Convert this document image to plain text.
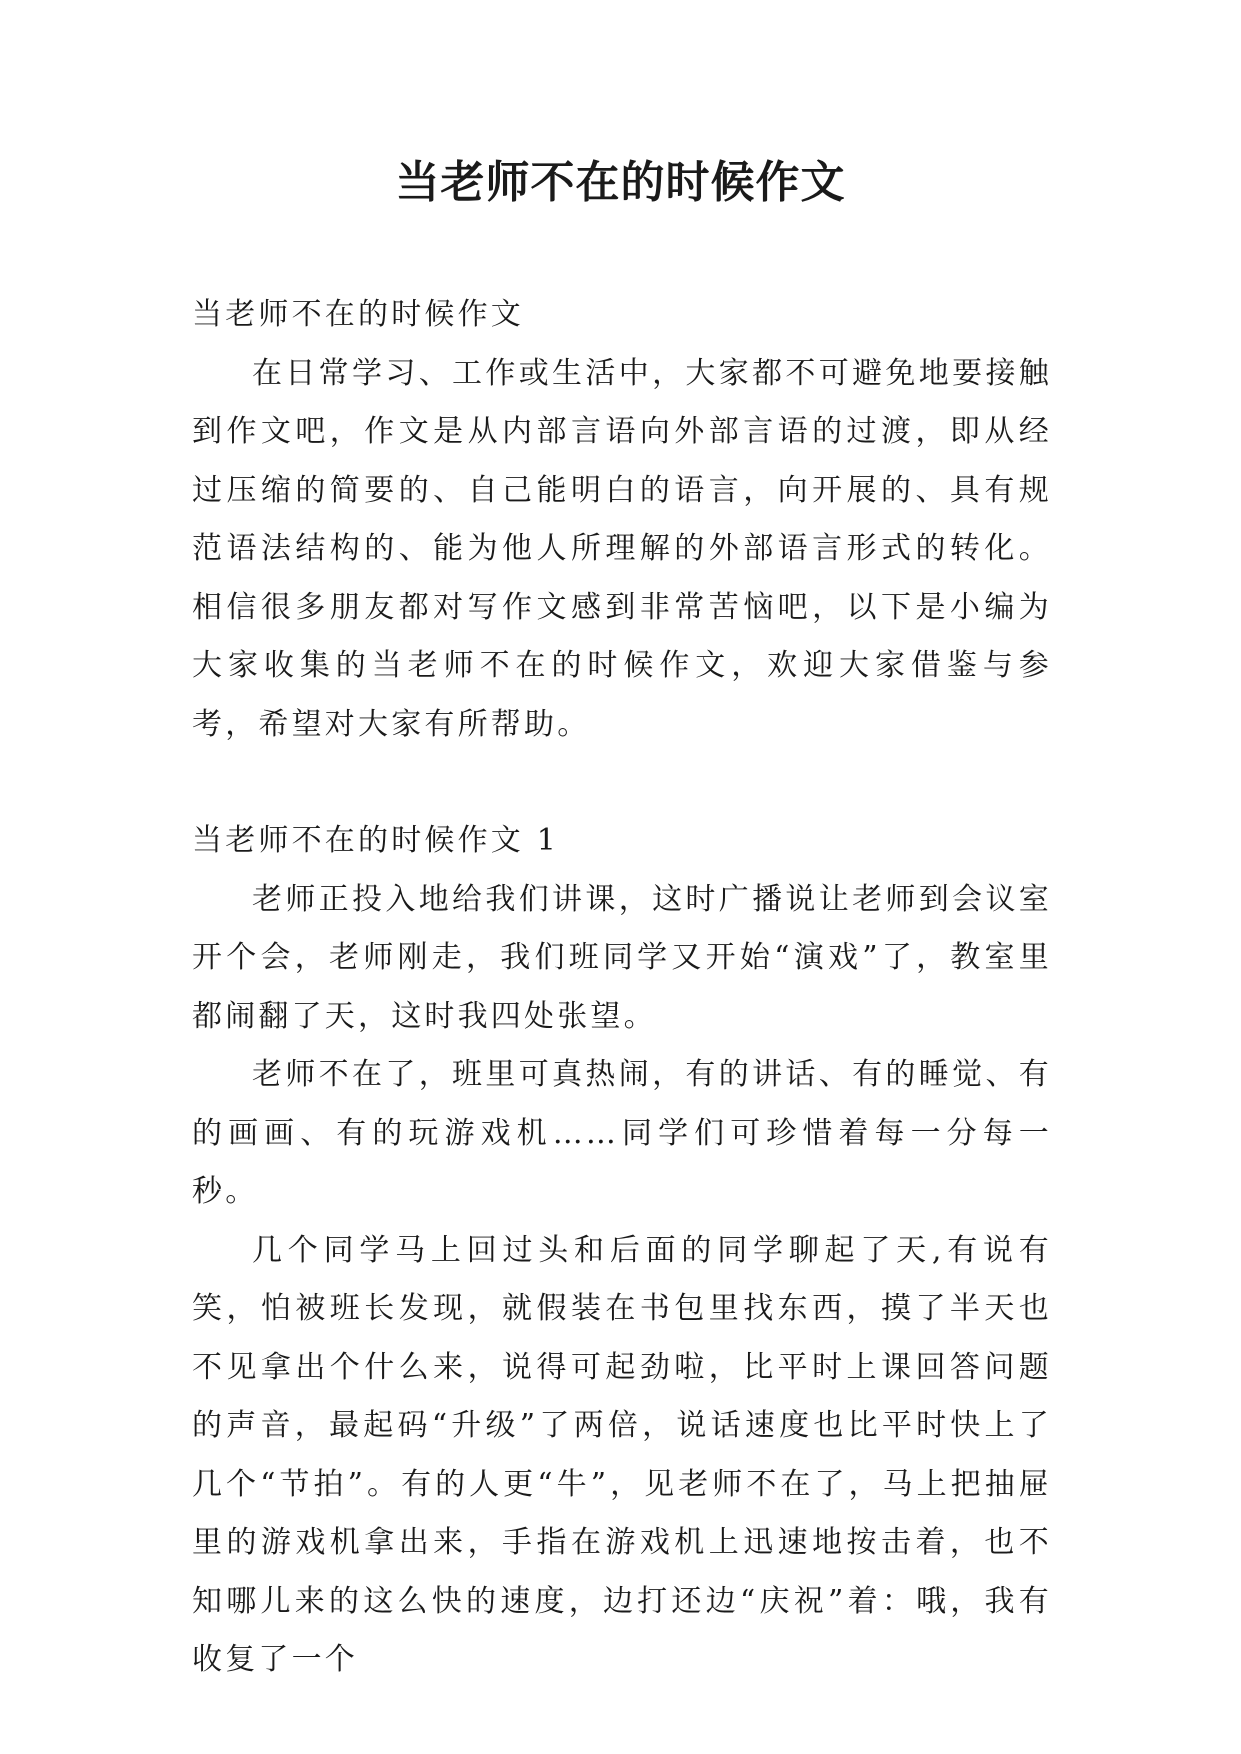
当老师不在的时候作文

当老师不在的时候作文

在日常学习、工作或生活中，大家都不可避免地要接触到作文吧，作文是从内部言语向外部言语的过渡，即从经过压缩的简要的、自己能明白的语言，向开展的、具有规范语法结构的、能为他人所理解的外部语言形式的转化。相信很多朋友都对写作文感到非常苦恼吧，以下是小编为大家收集的当老师不在的时候作文，欢迎大家借鉴与参考，希望对大家有所帮助。

当老师不在的时候作文 1

老师正投入地给我们讲课，这时广播说让老师到会议室开个会，老师刚走，我们班同学又开始“演戏”了，教室里都闹翻了天，这时我四处张望。

老师不在了，班里可真热闹，有的讲话、有的睡觉、有的画画、有的玩游戏机……同学们可珍惜着每一分每一秒。

几个同学马上回过头和后面的同学聊起了天,有说有笑，怕被班长发现，就假装在书包里找东西，摸了半天也不见拿出个什么来，说得可起劲啦，比平时上课回答问题的声音，最起码“升级”了两倍，说话速度也比平时快上了几个“节拍”。有的人更“牛”，见老师不在了，马上把抽屉里的游戏机拿出来，手指在游戏机上迅速地按击着，也不知哪儿来的这么快的速度，边打还边“庆祝”着：哦，我有收复了一个
